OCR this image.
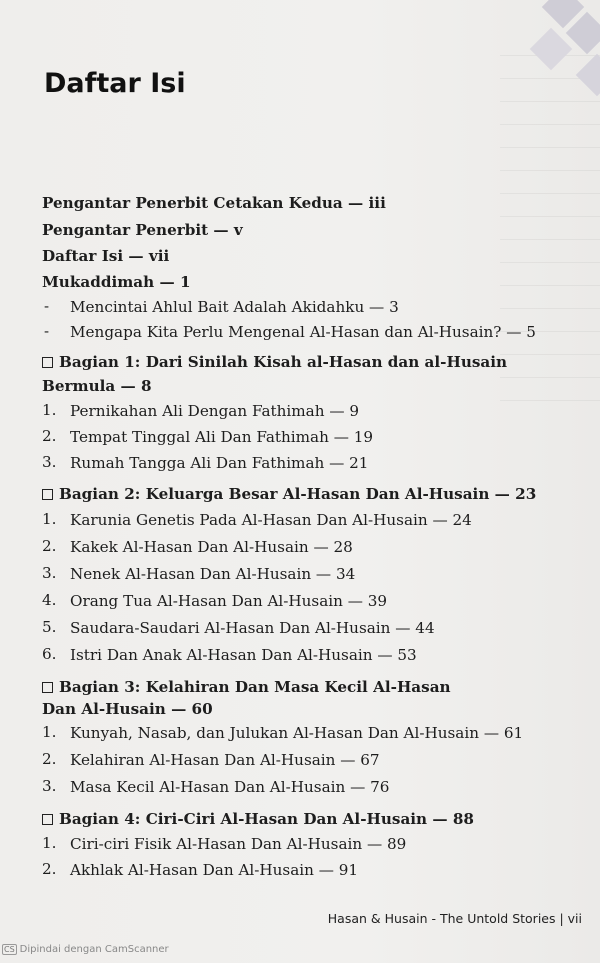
Daftar Isi
Pengantar Penerbit Cetakan Kedua — iii
Pengantar Penerbit — v
Daftar Isi — vii
Mukaddimah — 1
- Mencintai Ahlul Bait Adalah Akidahku — 3
- Mengapa Kita Perlu Mengenal Al-Hasan dan Al-Husain? — 5
Bagian 1: Dari Sinilah Kisah al-Hasan dan al-Husain
Bermula — 8
1. Pernikahan Ali Dengan Fathimah — 9
2. Tempat Tinggal Ali Dan Fathimah — 19
3. Rumah Tangga Ali Dan Fathimah — 21
Bagian 2: Keluarga Besar Al-Hasan Dan Al-Husain — 23
1. Karunia Genetis Pada Al-Hasan Dan Al-Husain — 24
2. Kakek Al-Hasan Dan Al-Husain — 28
3. Nenek Al-Hasan Dan Al-Husain — 34
4. Orang Tua Al-Hasan Dan Al-Husain — 39
5. Saudara-Saudari Al-Hasan Dan Al-Husain — 44
6. Istri Dan Anak Al-Hasan Dan Al-Husain — 53
Bagian 3: Kelahiran Dan Masa Kecil Al-Hasan
Dan Al-Husain — 60
1. Kunyah, Nasab, dan Julukan Al-Hasan Dan Al-Husain — 61
2. Kelahiran Al-Hasan Dan Al-Husain — 67
3. Masa Kecil Al-Hasan Dan Al-Husain — 76
Bagian 4: Ciri-Ciri Al-Hasan Dan Al-Husain — 88
1. Ciri-ciri Fisik Al-Hasan Dan Al-Husain — 89
2. Akhlak Al-Hasan Dan Al-Husain — 91
Hasan & Husain - The Untold Stories | vii
CS Dipindai dengan CamScanner
